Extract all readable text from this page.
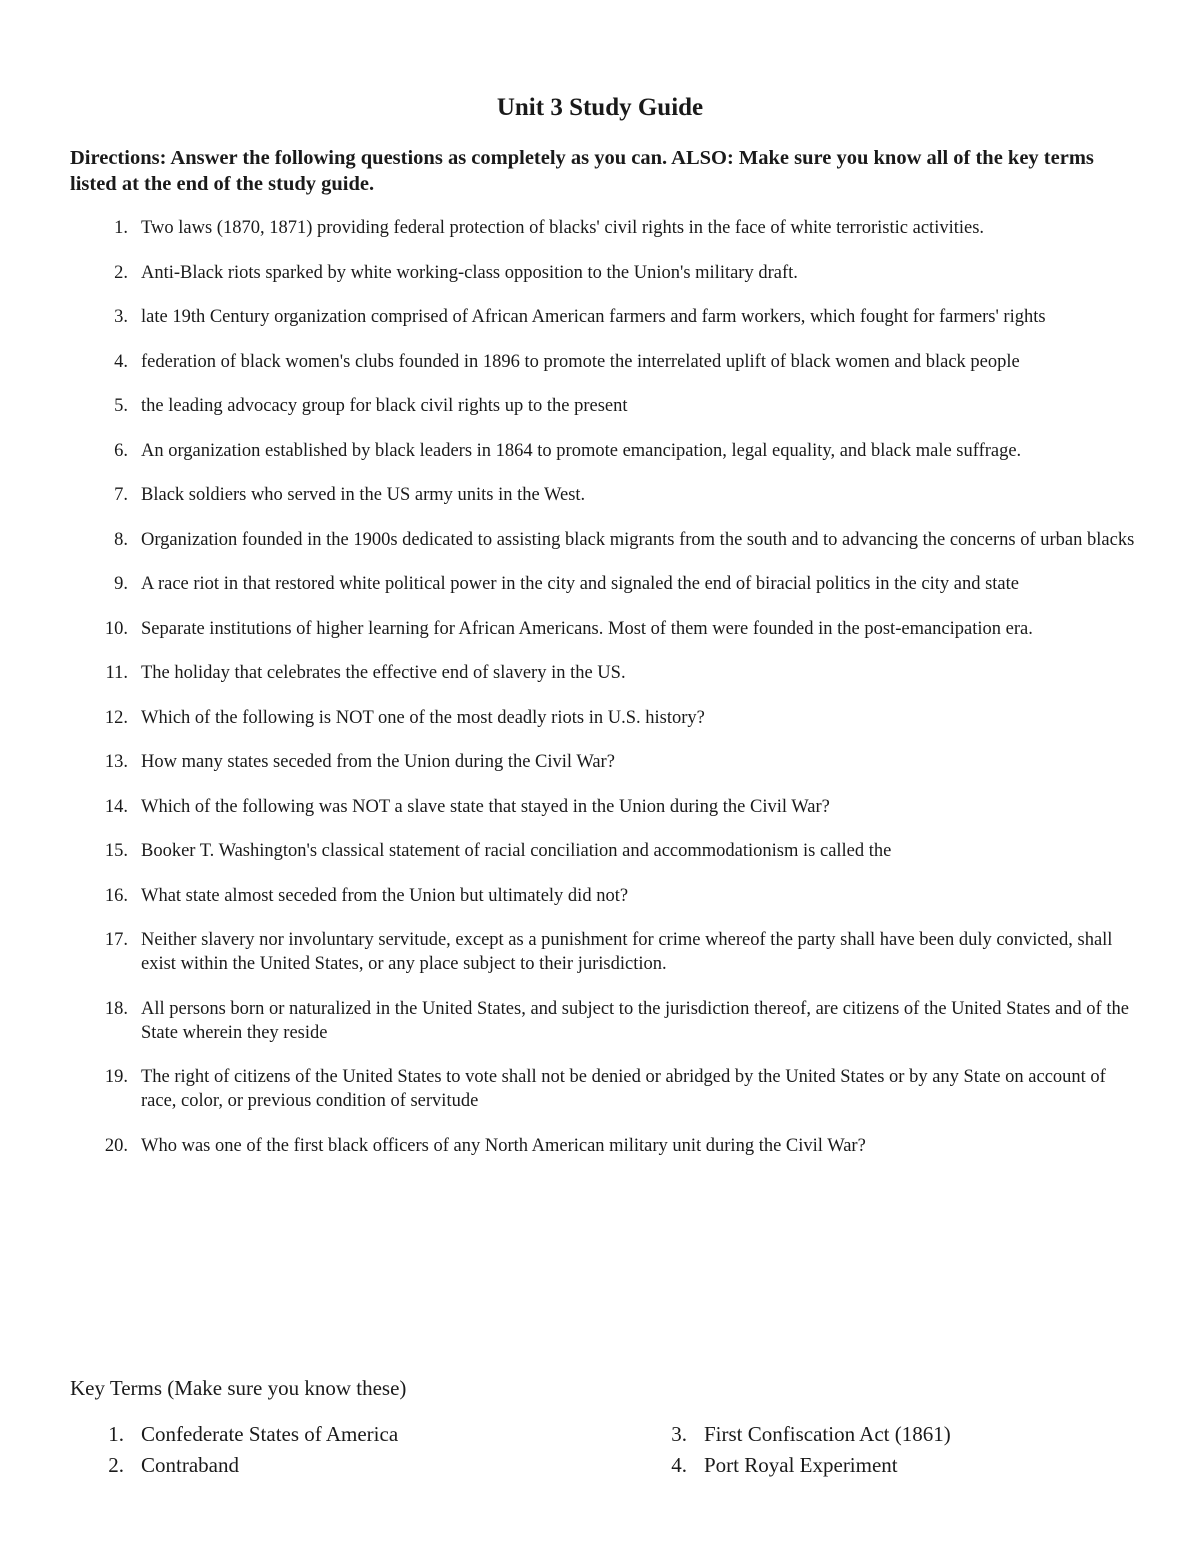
Unit 3 Study Guide
Directions: Answer the following questions as completely as you can. ALSO: Make sure you know all of the key terms listed at the end of the study guide.
1. Two laws (1870, 1871) providing federal protection of blacks' civil rights in the face of white terroristic activities.
2. Anti-Black riots sparked by white working-class opposition to the Union's military draft.
3. late 19th Century organization comprised of African American farmers and farm workers, which fought for farmers' rights
4. federation of black women's clubs founded in 1896 to promote the interrelated uplift of black women and black people
5. the leading advocacy group for black civil rights up to the present
6. An organization established by black leaders in 1864 to promote emancipation, legal equality, and black male suffrage.
7. Black soldiers who served in the US army units in the West.
8. Organization founded in the 1900s dedicated to assisting black migrants from the south and to advancing the concerns of urban blacks
9. A race riot in that restored white political power in the city and signaled the end of biracial politics in the city and state
10. Separate institutions of higher learning for African Americans. Most of them were founded in the post-emancipation era.
11. The holiday that celebrates the effective end of slavery in the US.
12. Which of the following is NOT one of the most deadly riots in U.S. history?
13. How many states seceded from the Union during the Civil War?
14. Which of the following was NOT a slave state that stayed in the Union during the Civil War?
15. Booker T. Washington's classical statement of racial conciliation and accommodationism is called the
16. What state almost seceded from the Union but ultimately did not?
17. Neither slavery nor involuntary servitude, except as a punishment for crime whereof the party shall have been duly convicted, shall exist within the United States, or any place subject to their jurisdiction.
18. All persons born or naturalized in the United States, and subject to the jurisdiction thereof, are citizens of the United States and of the State wherein they reside
19. The right of citizens of the United States to vote shall not be denied or abridged by the United States or by any State on account of race, color, or previous condition of servitude
20. Who was one of the first black officers of any North American military unit during the Civil War?
Key Terms (Make sure you know these)
1. Confederate States of America
2. Contraband
3. First Confiscation Act (1861)
4. Port Royal Experiment
